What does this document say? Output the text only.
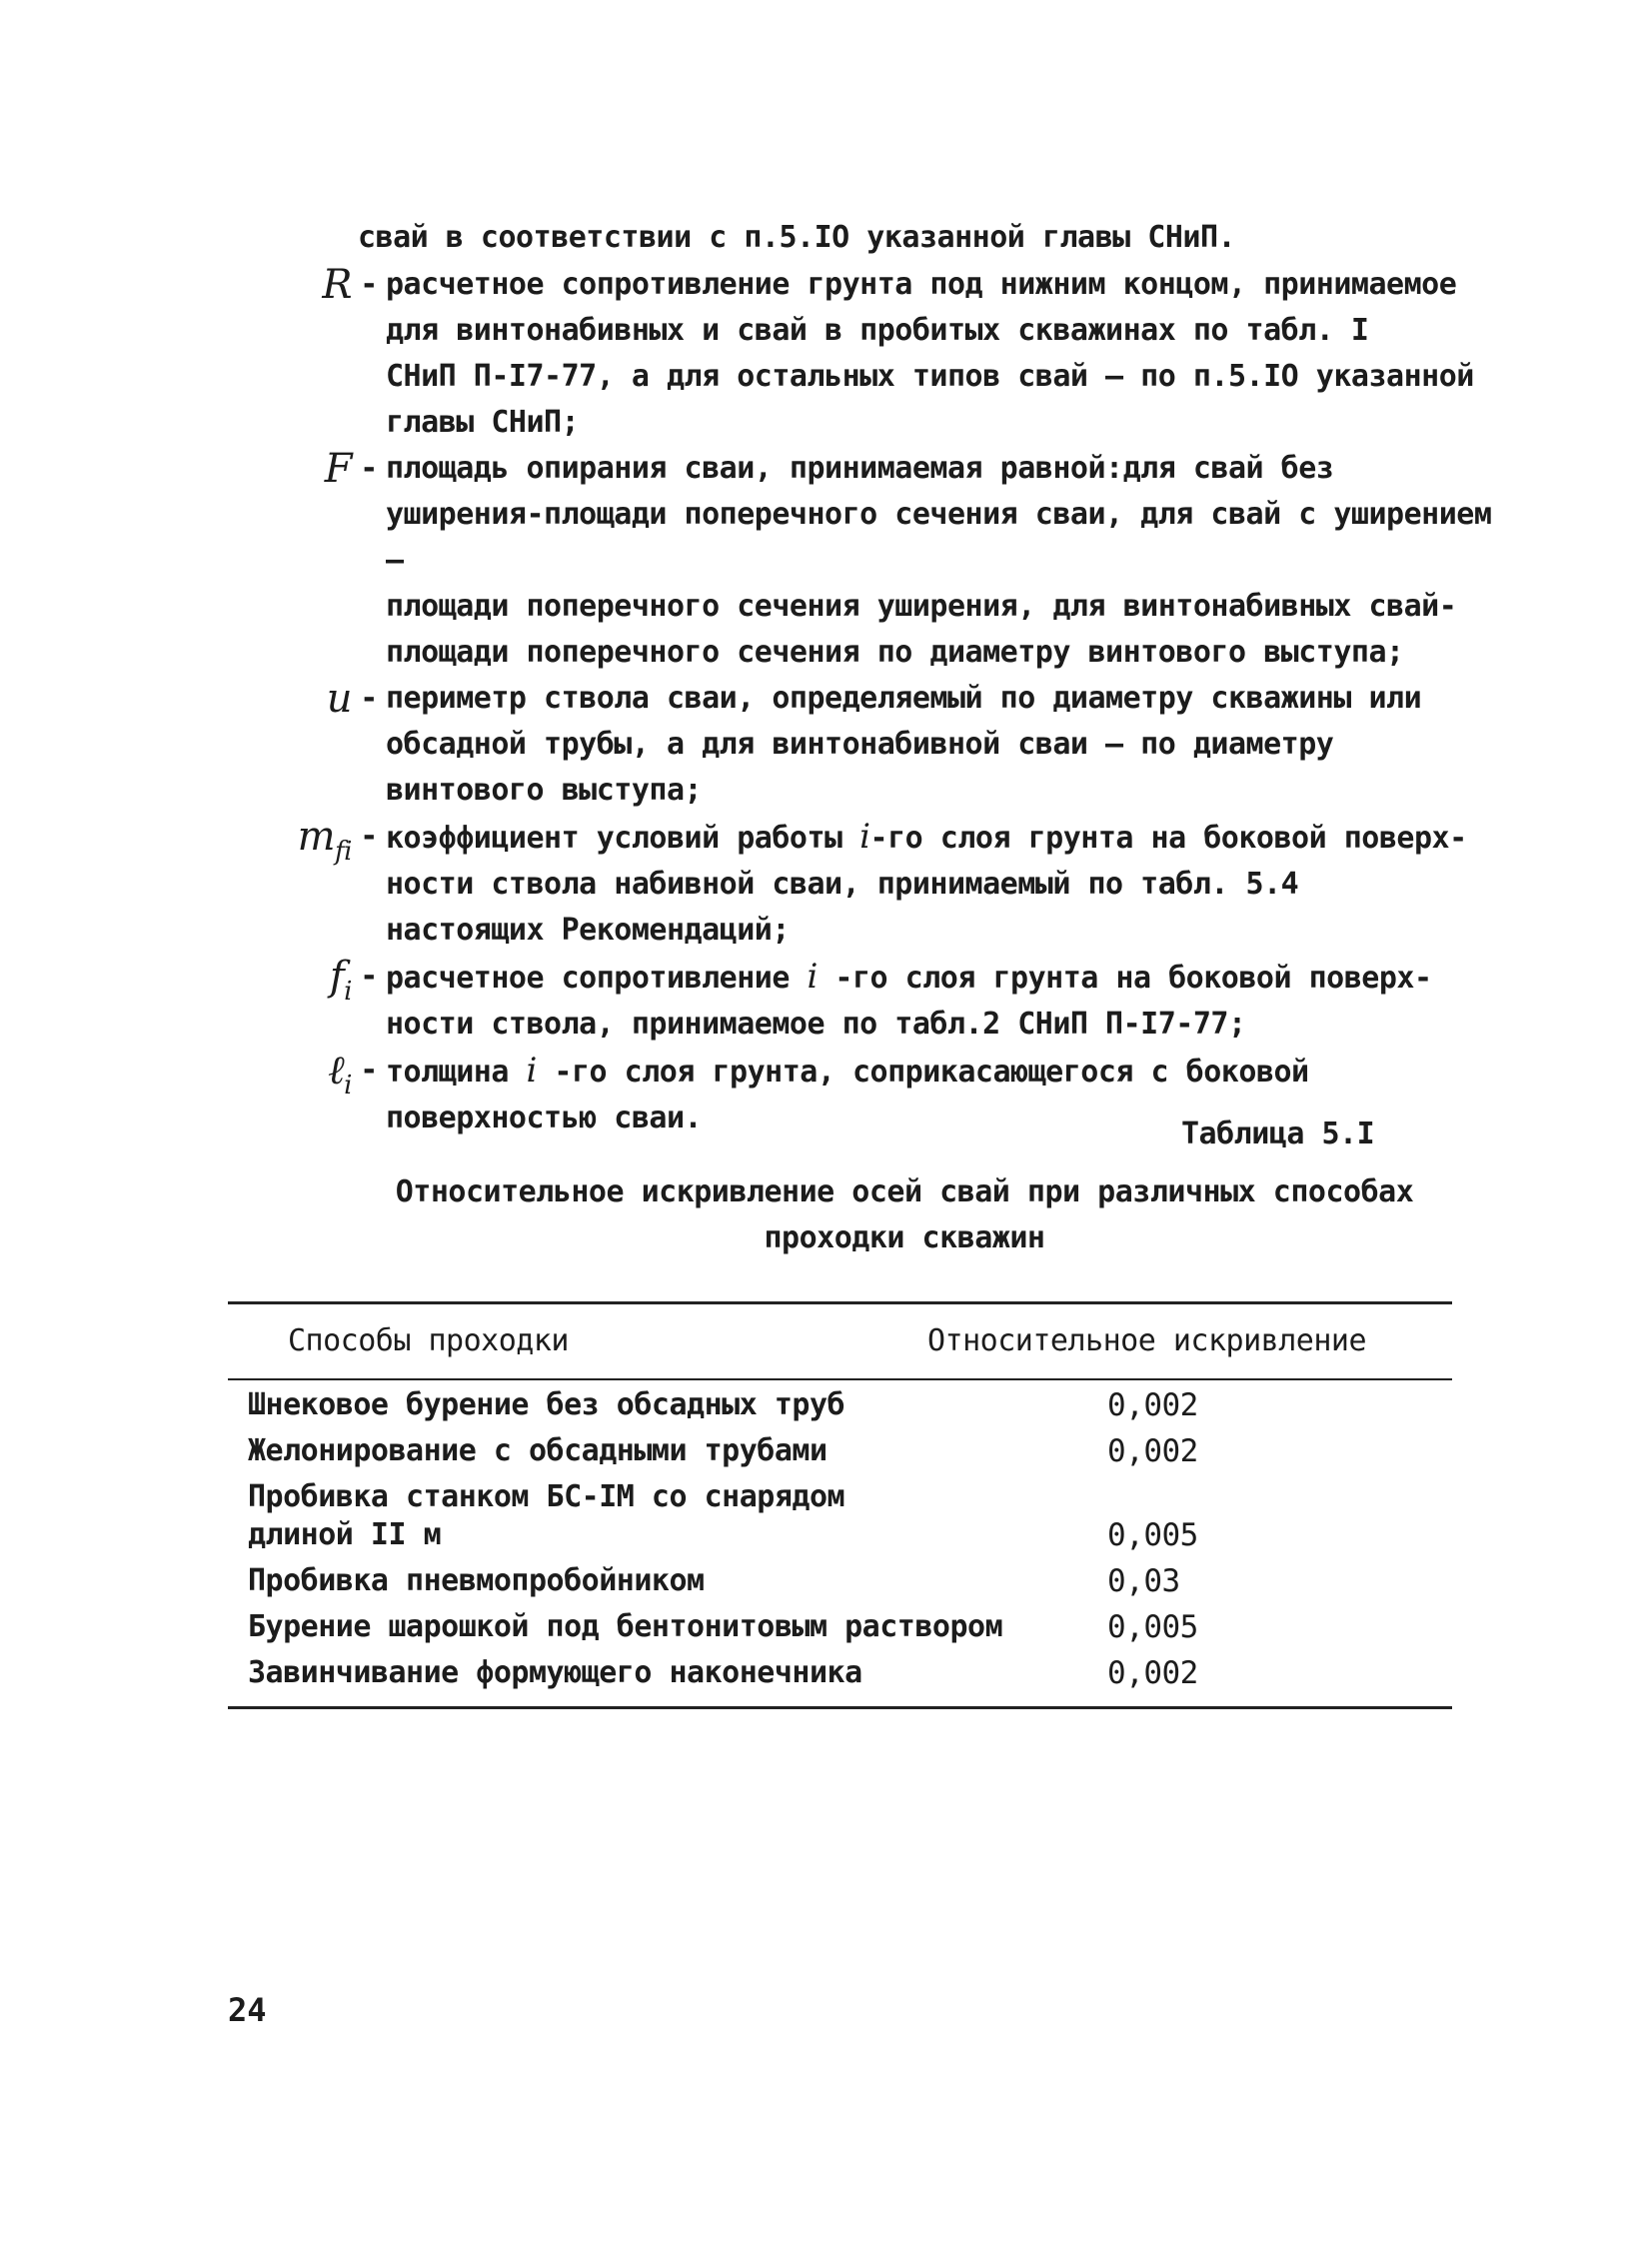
свай в соответствии с п.5.IO указанной главы СНиП.
R - расчетное сопротивление грунта под нижним концом, принимаемое
для винтонабивных и свай в пробитых скважинах по табл. I
СНиП П-I7-77, а для остальных типов свай – по п.5.IO указанной
главы СНиП;
F - площадь опирания сваи, принимаемая равной:для свай без уширения-площади поперечного сечения сваи, для свай с уширением –
площади поперечного сечения уширения, для винтонабивных свай-
площади поперечного сечения по диаметру винтового выступа;
u - периметр ствола сваи, определяемый по диаметру скважины или
обсадной трубы, а для винтонабивной сваи – по диаметру
винтового выступа;
$m_{fi}$ - коэффициент условий работы i-го слоя грунта на боковой поверх-
ности ствола набивной сваи, принимаемый по табл. 5.4
настоящих Рекомендаций;
$f_i$ - расчетное сопротивление i -го слоя грунта на боковой поверх-
ности ствола, принимаемое по табл.2 СНиП П-I7-77;
ℓ$_i$ - толщина i -го слоя грунта, соприкасающегося с боковой
поверхностью сваи.	Таблица 5.I
Относительное искривление осей свай при различных способах
проходки скважин
Способы проходки	Относительное искривление
Шнековое бурение без обсадных труб	0,002
Желонирование с обсадными трубами	0,002
Пробивка станком БС-IМ со снарядом
длиной II м	0,005
Пробивка пневмопробойником	0,03
Бурение шарошкой под бентонитовым раствором	0,005
Завинчивание формующего наконечника	0,002
24
